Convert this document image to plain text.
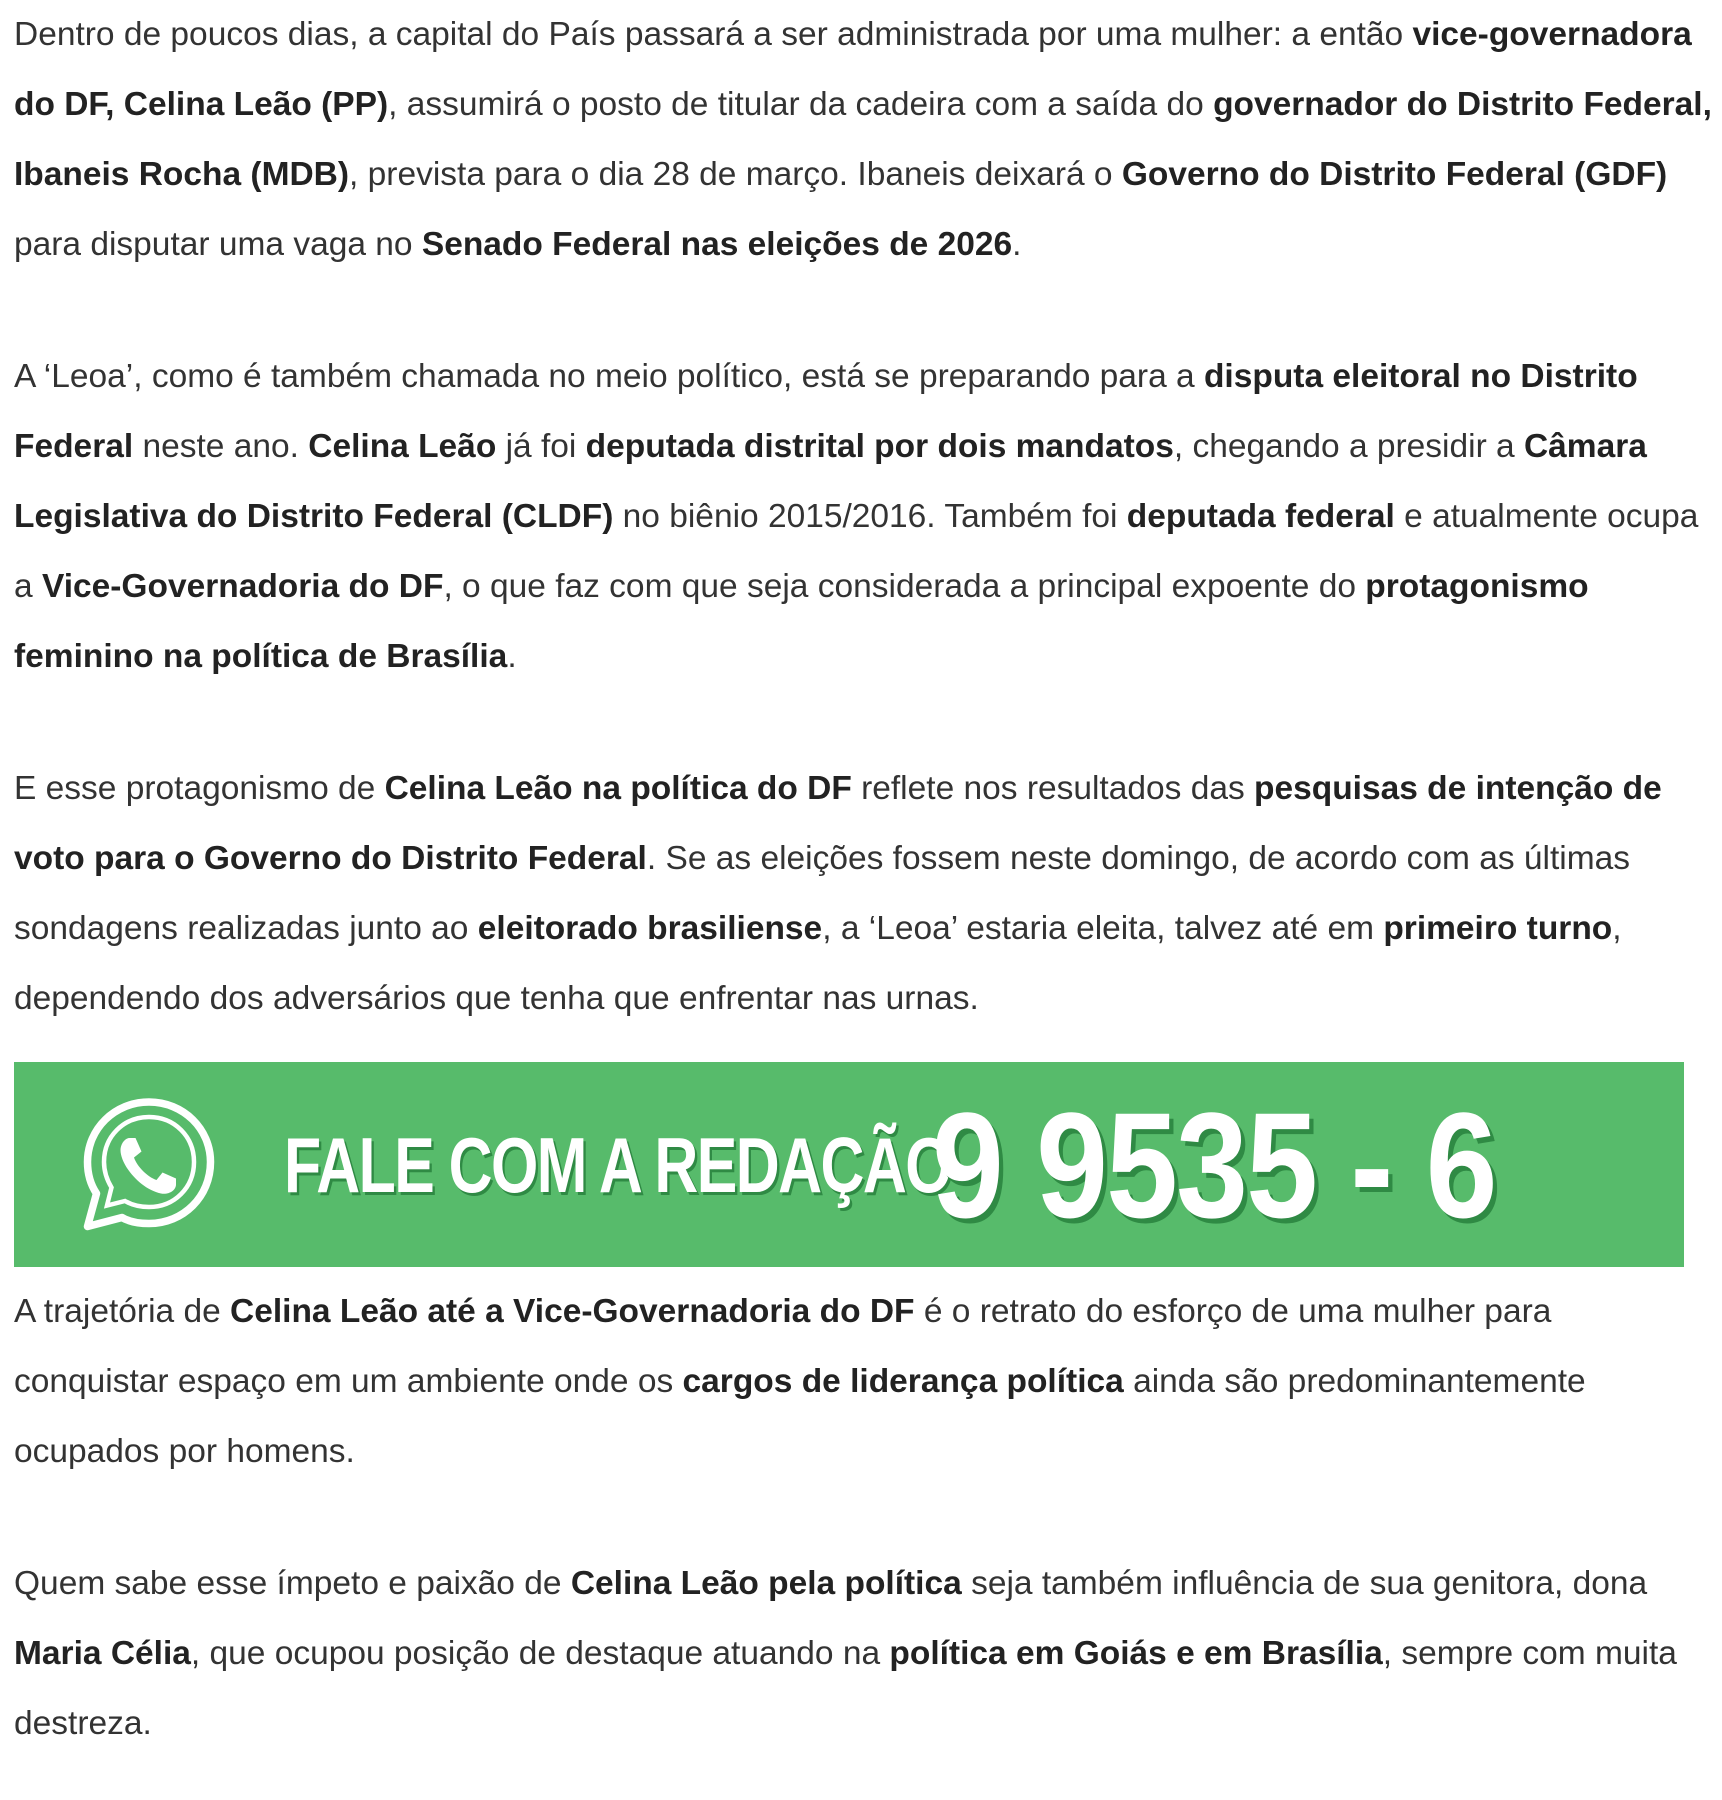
Dentro de poucos dias, a capital do País passará a ser administrada por uma mulher: a então vice-governadora do DF, Celina Leão (PP), assumirá o posto de titular da cadeira com a saída do governador do Distrito Federal, Ibaneis Rocha (MDB), prevista para o dia 28 de março. Ibaneis deixará o Governo do Distrito Federal (GDF) para disputar uma vaga no Senado Federal nas eleições de 2026.

A ‘Leoa’, como é também chamada no meio político, está se preparando para a disputa eleitoral no Distrito Federal neste ano. Celina Leão já foi deputada distrital por dois mandatos, chegando a presidir a Câmara Legislativa do Distrito Federal (CLDF) no biênio 2015/2016. Também foi deputada federal e atualmente ocupa a Vice-Governadoria do DF, o que faz com que seja considerada a principal expoente do protagonismo feminino na política de Brasília.

E esse protagonismo de Celina Leão na política do DF reflete nos resultados das pesquisas de intenção de voto para o Governo do Distrito Federal. Se as eleições fossem neste domingo, de acordo com as últimas sondagens realizadas junto ao eleitorado brasiliense, a ‘Leoa’ estaria eleita, talvez até em primeiro turno, dependendo dos adversários que tenha que enfrentar nas urnas.

FALE COM A REDAÇÃO
9 9535 - 6

A trajetória de Celina Leão até a Vice-Governadoria do DF é o retrato do esforço de uma mulher para conquistar espaço em um ambiente onde os cargos de liderança política ainda são predominantemente ocupados por homens.

Quem sabe esse ímpeto e paixão de Celina Leão pela política seja também influência de sua genitora, dona Maria Célia, que ocupou posição de destaque atuando na política em Goiás e em Brasília, sempre com muita destreza.
